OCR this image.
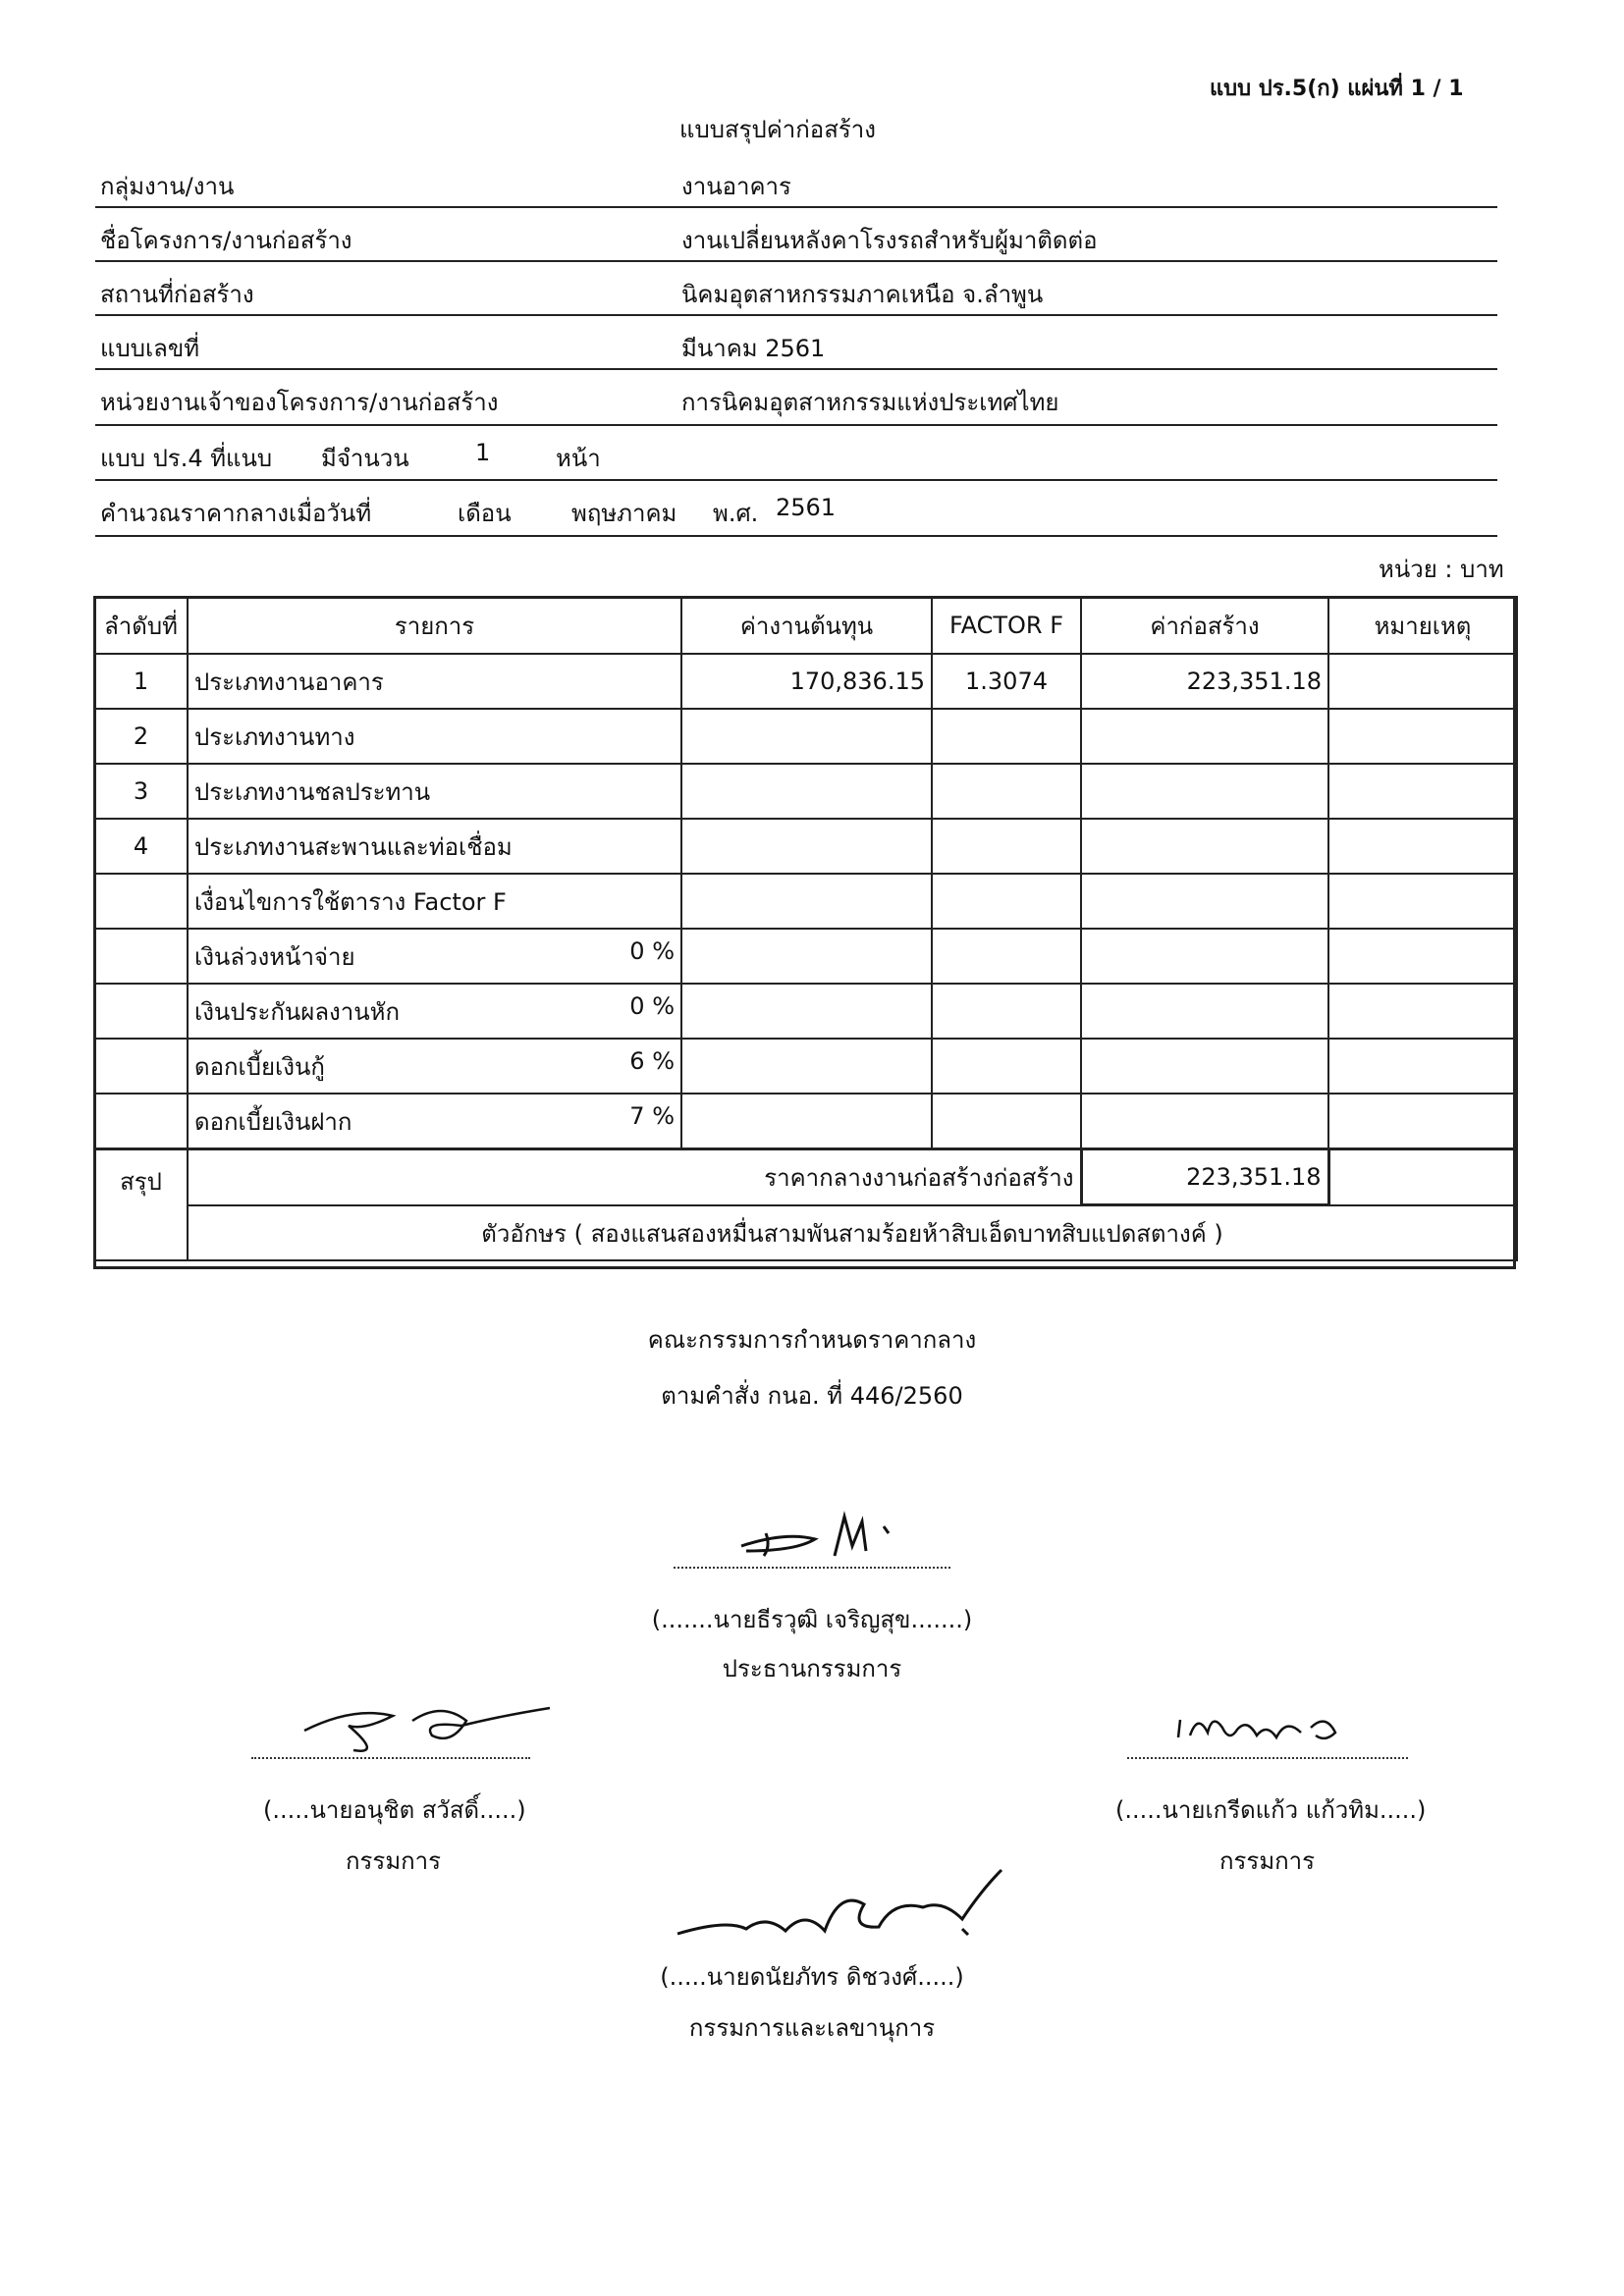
แบบ ปร.5(ก) แผ่นที่ 1 / 1
แบบสรุปค่าก่อสร้าง
กลุ่มงาน/งาน	งานอาคาร
ชื่อโครงการ/งานก่อสร้าง	งานเปลี่ยนหลังคาโรงรถสำหรับผู้มาติดต่อ
สถานที่ก่อสร้าง	นิคมอุตสาหกรรมภาคเหนือ จ.ลำพูน
แบบเลขที่	มีนาคม 2561
หน่วยงานเจ้าของโครงการ/งานก่อสร้าง	การนิคมอุตสาหกรรมแห่งประเทศไทย
แบบ ปร.4 ที่แนบ มีจำนวน	1	หน้า
คำนวณราคากลางเมื่อวันที่	เดือน	พฤษภาคม พ.ศ. 2561
หน่วย : บาท
ลำดับที่	รายการ	ค่างานต้นทุน	FACTOR F	ค่าก่อสร้าง	หมายเหตุ
1	ประเภทงานอาคาร	170,836.15	1.3074	223,351.18	
2	ประเภทงานทาง

3	ประเภทงานชลประทาน

4	ประเภทงานสะพานและท่อเชื่อม

	เงื่อนไขการใช้ตาราง Factor F

	เงินล่วงหน้าจ่าย 0 %				

	เงินประกันผลงานหัก 0 %				

	ดอกเบี้ยเงินกู้ 6 %				

	ดอกเบี้ยเงินฝาก 7 %				

สรุป	ราคากลางงานก่อสร้างก่อสร้าง			223,351.18	
	ตัวอักษร ( สองแสนสองหมื่นสามพันสามร้อยห้าสิบเอ็ดบาทสิบแปดสตางค์ )				
คณะกรรมการกำหนดราคากลาง
ตามคำสั่ง กนอ. ที่ 446/2560
(.......นายธีรวุฒิ เจริญสุข.......)
ประธานกรรมการ
(.....นายอนุชิต สวัสดิ์.....)
กรรมการ
(.....นายเกรีดแก้ว แก้วทิม.....)
กรรมการ
(.....นายดนัยภัทร ดิชวงศ์.....)
กรรมการและเลขานุการ
